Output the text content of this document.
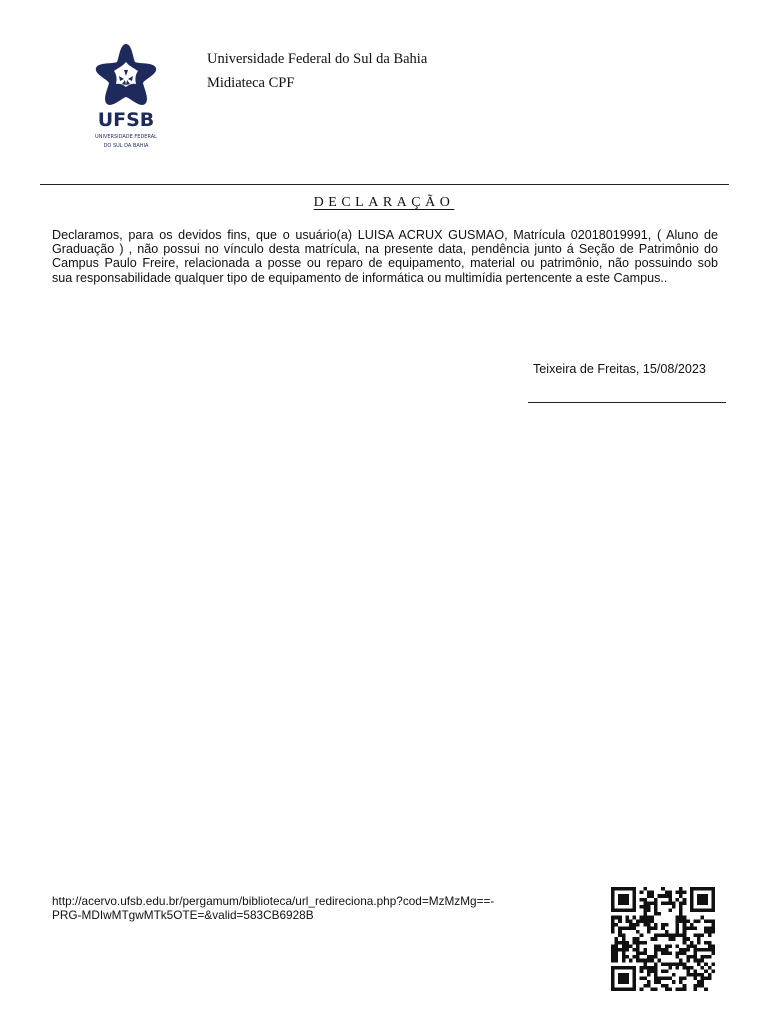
UFSB
UNIVERSIDADE FEDERAL
DO SUL DA BAHIA
Universidade Federal do Sul da Bahia
Midiateca CPF
DECLARAÇÃO
Declaramos, para os devidos fins, que o usuário(a) LUISA ACRUX GUSMAO, Matrícula 02018019991, ( Aluno de
Graduação ) , não possui no vínculo desta matrícula, na presente data, pendência junto á Seção de Patrimônio do
Campus Paulo Freire, relacionada a posse ou reparo de equipamento, material ou patrimônio, não possuindo sob
sua responsabilidade qualquer tipo de equipamento de informática ou multimídia pertencente a este Campus..
Teixeira de Freitas, 15/08/2023
http://acervo.ufsb.edu.br/pergamum/biblioteca/url_redireciona.php?cod=MzMzMg==-
PRG-MDIwMTgwMTk5OTE=&valid=583CB6928B
